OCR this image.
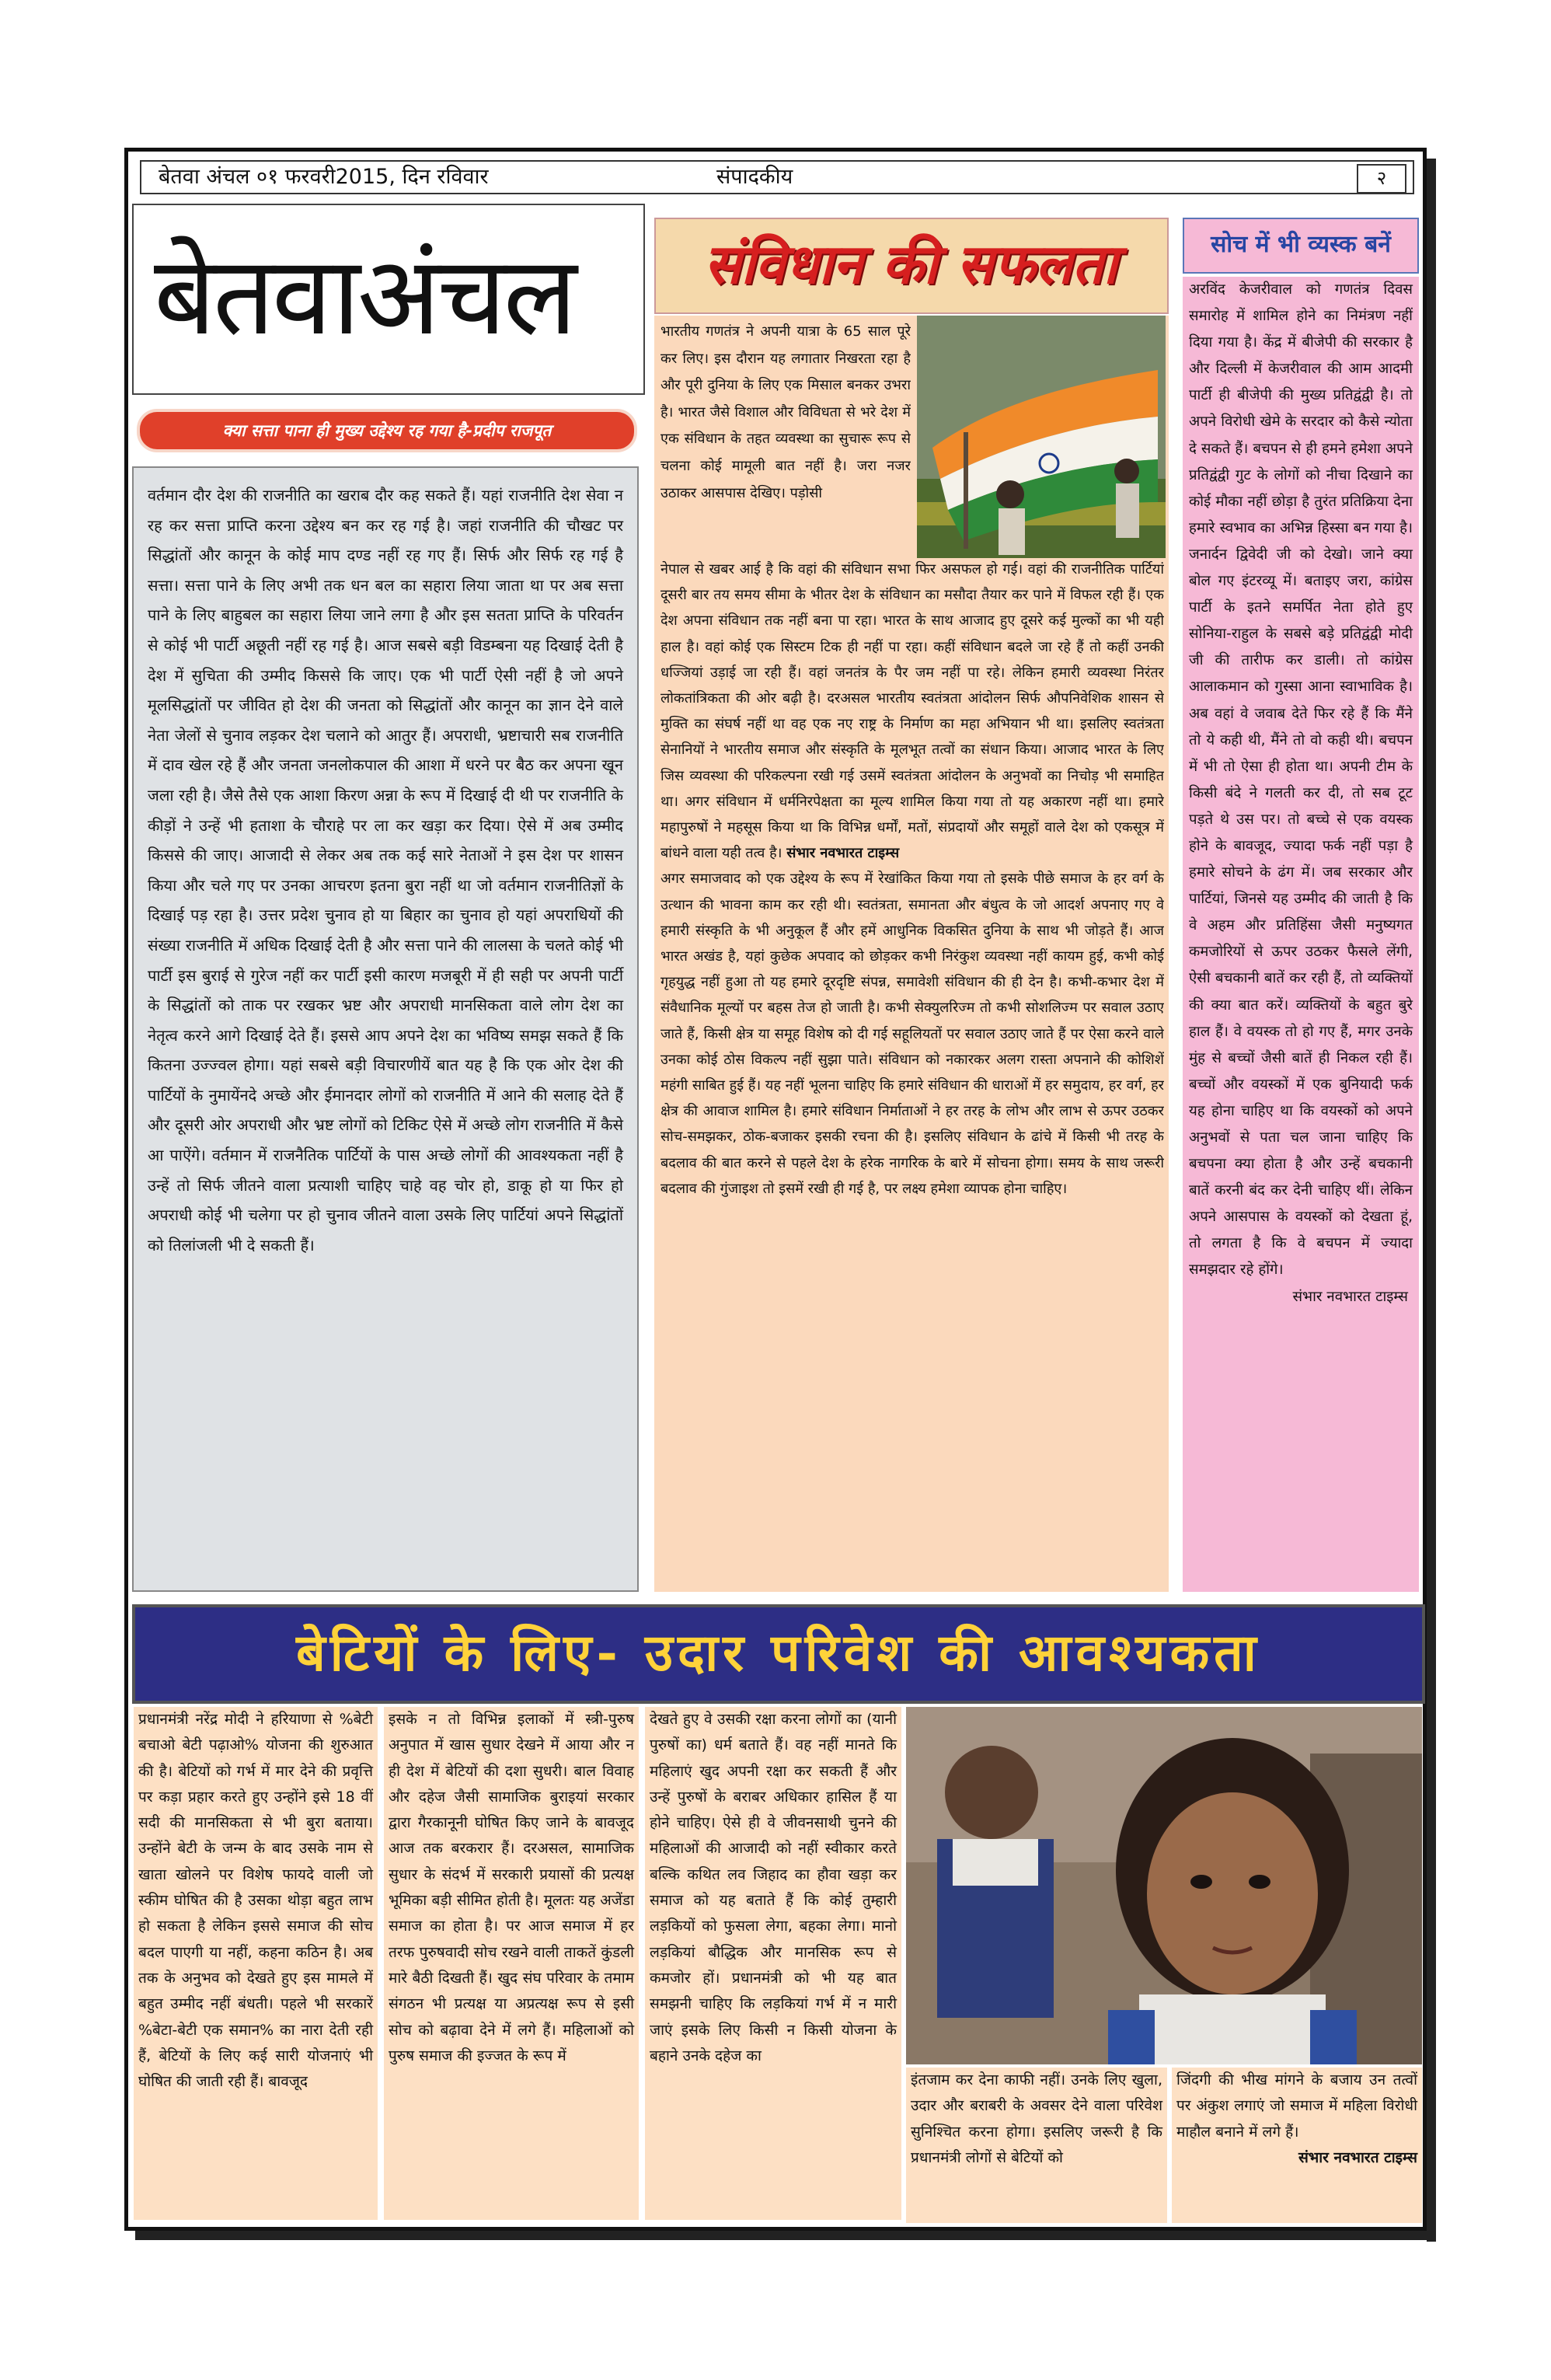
बेतवा अंचल ०१ फरवरी2015, दिन रविवार	संपादकीय	२
बेतवाअंचल
क्या सत्ता पाना ही मुख्य उद्देश्य रह गया है-प्रदीप राजपूत

वर्तमान दौर देश की राजनीति का खराब दौर कह सकते हैं। यहां राजनीति देश सेवा न रह कर सत्ता प्राप्ति करना उद्देश्य बन कर रह गई है। जहां राजनीति की चौखट पर सिद्धांतों और कानून के कोई माप दण्ड नहीं रह गए हैं। सिर्फ और सिर्फ रह गई है सत्ता। सत्ता पाने के लिए अभी तक धन बल का सहारा लिया जाता था पर अब सत्ता पाने के लिए बाहुबल का सहारा लिया जाने लगा है और इस सतता प्राप्ति के परिवर्तन से कोई भी पार्टी अछूती नहीं रह गई है। आज सबसे बड़ी विडम्बना यह दिखाई देती है देश में सुचिता की उम्मीद किससे कि जाए। एक भी पार्टी ऐसी नहीं है जो अपने मूलसिद्धांतों पर जीवित हो देश की जनता को सिद्धांतों और कानून का ज्ञान देने वाले नेता जेलों से चुनाव लड़कर देश चलाने को आतुर हैं। अपराधी, भ्रष्टाचारी सब राजनीति में दाव खेल रहे हैं और जनता जनलोकपाल की आशा में धरने पर बैठ कर अपना खून जला रही है। जैसे तैसे एक आशा किरण अन्ना के रूप में दिखाई दी थी पर राजनीति के कीड़ों ने उन्हें भी हताशा के चौराहे पर ला कर खड़ा कर दिया। ऐसे में अब उम्मीद किससे की जाए। आजादी से लेकर अब तक कई सारे नेताओं ने इस देश पर शासन किया और चले गए पर उनका आचरण इतना बुरा नहीं था जो वर्तमान राजनीतिज्ञों के दिखाई पड़ रहा है। उत्तर प्रदेश चुनाव हो या बिहार का चुनाव हो यहां अपराधियों की संख्या राजनीति में अधिक दिखाई देती है और सत्ता पाने की लालसा के चलते कोई भी पार्टी इस बुराई से गुरेज नहीं कर पार्टी इसी कारण मजबूरी में ही सही पर अपनी पार्टी के सिद्धांतों को ताक पर रखकर भ्रष्ट और अपराधी मानसिकता वाले लोग देश का नेतृत्व करने आगे दिखाई देते हैं। इससे आप अपने देश का भविष्य समझ सकते हैं कि कितना उज्ज्वल होगा। यहां सबसे बड़ी विचारणीयें बात यह है कि एक ओर देश की पार्टियों के नुमायेंनदे अच्छे और ईमानदार लोगों को राजनीति में आने की सलाह देते हैं और दूसरी ओर अपराधी और भ्रष्ट लोगों को टिकिट ऐसे में अच्छे लोग राजनीति में कैसे आ पाऐंगे। वर्तमान में राजनैतिक पार्टियों के पास अच्छे लोगों की आवश्यकता नहीं है उन्हें तो सिर्फ जीतने वाला प्रत्याशी चाहिए चाहे वह चोर हो, डाकू हो या फिर हो अपराधी कोई भी चलेगा पर हो चुनाव जीतने वाला उसके लिए पार्टियां अपने सिद्धांतों को तिलांजली भी दे सकती हैं।

संविधान की सफलता

भारतीय गणतंत्र ने अपनी यात्रा के 65 साल पूरे कर लिए। इस दौरान यह लगातार निखरता रहा है और पूरी दुनिया के लिए एक मिसाल बनकर उभरा है। भारत जैसे विशाल और विविधता से भरे देश में एक संविधान के तहत व्यवस्था का सुचारू रूप से चलना कोई मामूली बात नहीं है। जरा नजर उठाकर आसपास देखिए। पड़ोसी

नेपाल से खबर आई है कि वहां की संविधान सभा फिर असफल हो गई। वहां की राजनीतिक पार्टियां दूसरी बार तय समय सीमा के भीतर देश के संविधान का मसौदा तैयार कर पाने में विफल रही हैं। एक देश अपना संविधान तक नहीं बना पा रहा। भारत के साथ आजाद हुए दूसरे कई मुल्कों का भी यही हाल है। वहां कोई एक सिस्टम टिक ही नहीं पा रहा। कहीं संविधान बदले जा रहे हैं तो कहीं उनकी धज्जियां उड़ाई जा रही हैं। वहां जनतंत्र के पैर जम नहीं पा रहे। लेकिन हमारी व्यवस्था निरंतर लोकतांत्रिकता की ओर बढ़ी है। दरअसल भारतीय स्वतंत्रता आंदोलन सिर्फ औपनिवेशिक शासन से मुक्ति का संघर्ष नहीं था वह एक नए राष्ट्र के निर्माण का महा अभियान भी था। इसलिए स्वतंत्रता सेनानियों ने भारतीय समाज और संस्कृति के मूलभूत तत्वों का संधान किया। आजाद भारत के लिए जिस व्यवस्था की परिकल्पना रखी गई उसमें स्वतंत्रता आंदोलन के अनुभवों का निचोड़ भी समाहित था। अगर संविधान में धर्मनिरपेक्षता का मूल्य शामिल किया गया तो यह अकारण नहीं था। हमारे महापुरुषों ने महसूस किया था कि विभिन्न धर्मों, मतों, संप्रदायों और समूहों वाले देश को एकसूत्र में बांधने वाला यही तत्व है। संभार नवभारत टाइम्स

अगर समाजवाद को एक उद्देश्य के रूप में रेखांकित किया गया तो इसके पीछे समाज के हर वर्ग के उत्थान की भावना काम कर रही थी। स्वतंत्रता, समानता और बंधुत्व के जो आदर्श अपनाए गए वे हमारी संस्कृति के भी अनुकूल हैं और हमें आधुनिक विकसित दुनिया के साथ भी जोड़ते हैं। आज भारत अखंड है, यहां कुछेक अपवाद को छोड़कर कभी निरंकुश व्यवस्था नहीं कायम हुई, कभी कोई गृहयुद्ध नहीं हुआ तो यह हमारे दूरदृष्टि संपन्न, समावेशी संविधान की ही देन है। कभी-कभार देश में संवैधानिक मूल्यों पर बहस तेज हो जाती है। कभी सेक्युलरिज्म तो कभी सोशलिज्म पर सवाल उठाए जाते हैं, किसी क्षेत्र या समूह विशेष को दी गई सहूलियतों पर सवाल उठाए जाते हैं पर ऐसा करने वाले उनका कोई ठोस विकल्प नहीं सुझा पाते। संविधान को नकारकर अलग रास्ता अपनाने की कोशिशें महंगी साबित हुई हैं। यह नहीं भूलना चाहिए कि हमारे संविधान की धाराओं में हर समुदाय, हर वर्ग, हर क्षेत्र की आवाज शामिल है। हमारे संविधान निर्माताओं ने हर तरह के लोभ और लाभ से ऊपर उठकर सोच-समझकर, ठोक-बजाकर इसकी रचना की है। इसलिए संविधान के ढांचे में किसी भी तरह के बदलाव की बात करने से पहले देश के हरेक नागरिक के बारे में सोचना होगा। समय के साथ जरूरी बदलाव की गुंजाइश तो इसमें रखी ही गई है, पर लक्ष्य हमेशा व्यापक होना चाहिए।

सोच में भी व्यस्क बनें

अरविंद केजरीवाल को गणतंत्र दिवस समारोह में शामिल होने का निमंत्रण नहीं दिया गया है। केंद्र में बीजेपी की सरकार है और दिल्ली में केजरीवाल की आम आदमी पार्टी ही बीजेपी की मुख्य प्रतिद्वंद्वी है। तो अपने विरोधी खेमे के सरदार को कैसे न्योता दे सकते हैं। बचपन से ही हमने हमेशा अपने प्रतिद्वंद्वी गुट के लोगों को नीचा दिखाने का कोई मौका नहीं छोड़ा है तुरंत प्रतिक्रिया देना हमारे स्वभाव का अभिन्न हिस्सा बन गया है। जनार्दन द्विवेदी जी को देखो। जाने क्या बोल गए इंटरव्यू में। बताइए जरा, कांग्रेस पार्टी के इतने समर्पित नेता होते हुए सोनिया-राहुल के सबसे बड़े प्रतिद्वंद्वी मोदी जी की तारीफ कर डाली। तो कांग्रेस आलाकमान को गुस्सा आना स्वाभाविक है। अब वहां वे जवाब देते फिर रहे हैं कि मैंने तो ये कही थी, मैंने तो वो कही थी। बचपन में भी तो ऐसा ही होता था। अपनी टीम के किसी बंदे ने गलती कर दी, तो सब टूट पड़ते थे उस पर। तो बच्चे से एक वयस्क होने के बावजूद, ज्यादा फर्क नहीं पड़ा है हमारे सोचने के ढंग में। जब सरकार और पार्टियां, जिनसे यह उम्मीद की जाती है कि वे अहम और प्रतिहिंसा जैसी मनुष्यगत कमजोरियों से ऊपर उठकर फैसले लेंगी, ऐसी बचकानी बातें कर रही हैं, तो व्यक्तियों की क्या बात करें। व्यक्तियों के बहुत बुरे हाल हैं। वे वयस्क तो हो गए हैं, मगर उनके मुंह से बच्चों जैसी बातें ही निकल रही हैं। बच्चों और वयस्कों में एक बुनियादी फर्क यह होना चाहिए था कि वयस्कों को अपने अनुभवों से पता चल जाना चाहिए कि बचपना क्या होता है और उन्हें बचकानी बातें करनी बंद कर देनी चाहिए थीं। लेकिन अपने आसपास के वयस्कों को देखता हूं, तो लगता है कि वे बचपन में ज्यादा समझदार रहे होंगे।

संभार नवभारत टाइम्स

बेटियों के लिए- उदार परिवेश की आवश्यकता

प्रधानमंत्री नरेंद्र मोदी ने हरियाणा से %बेटी बचाओ बेटी पढ़ाओ% योजना की शुरुआत की है। बेटियों को गर्भ में मार देने की प्रवृत्ति पर कड़ा प्रहार करते हुए उन्होंने इसे 18 वीं सदी की मानसिकता से भी बुरा बताया। उन्होंने बेटी के जन्म के बाद उसके नाम से खाता खोलने पर विशेष फायदे वाली जो स्कीम घोषित की है उसका थोड़ा बहुत लाभ हो सकता है लेकिन इससे समाज की सोच बदल पाएगी या नहीं, कहना कठिन है। अब तक के अनुभव को देखते हुए इस मामले में बहुत उम्मीद नहीं बंधती। पहले भी सरकारें %बेटा-बेटी एक समान% का नारा देती रही हैं, बेटियों के लिए कई सारी योजनाएं भी घोषित की जाती रही हैं। बावजूद

इसके न तो विभिन्न इलाकों में स्त्री-पुरुष अनुपात में खास सुधार देखने में आया और न ही देश में बेटियों की दशा सुधरी। बाल विवाह और दहेज जैसी सामाजिक बुराइयां सरकार द्वारा गैरकानूनी घोषित किए जाने के बावजूद आज तक बरकरार हैं। दरअसल, सामाजिक सुधार के संदर्भ में सरकारी प्रयासों की प्रत्यक्ष भूमिका बड़ी सीमित होती है। मूलतः यह अजेंडा समाज का होता है। पर आज समाज में हर तरफ पुरुषवादी सोच रखने वाली ताकतें कुंडली मारे बैठी दिखती हैं। खुद संघ परिवार के तमाम संगठन भी प्रत्यक्ष या अप्रत्यक्ष रूप से इसी सोच को बढ़ावा देने में लगे हैं। महिलाओं को पुरुष समाज की इज्जत के रूप में

देखते हुए वे उसकी रक्षा करना लोगों का (यानी पुरुषों का) धर्म बताते हैं। वह नहीं मानते कि महिलाएं खुद अपनी रक्षा कर सकती हैं और उन्हें पुरुषों के बराबर अधिकार हासिल हैं या होने चाहिए। ऐसे ही वे जीवनसाथी चुनने की महिलाओं की आजादी को नहीं स्वीकार करते बल्कि कथित लव जिहाद का हौवा खड़ा कर समाज को यह बताते हैं कि कोई तुम्हारी लड़कियों को फुसला लेगा, बहका लेगा। मानो लड़कियां बौद्धिक और मानसिक रूप से कमजोर हों। प्रधानमंत्री को भी यह बात समझनी चाहिए कि लड़कियां गर्भ में न मारी जाएं इसके लिए किसी न किसी योजना के बहाने उनके दहेज का

इंतजाम कर देना काफी नहीं। उनके लिए खुला, उदार और बराबरी के अवसर देने वाला परिवेश सुनिश्चित करना होगा। इसलिए जरूरी है कि प्रधानमंत्री लोगों से बेटियों को

जिंदगी की भीख मांगने के बजाय उन तत्वों पर अंकुश लगाएं जो समाज में महिला विरोधी माहौल बनाने में लगे हैं।

संभार नवभारत टाइम्स
